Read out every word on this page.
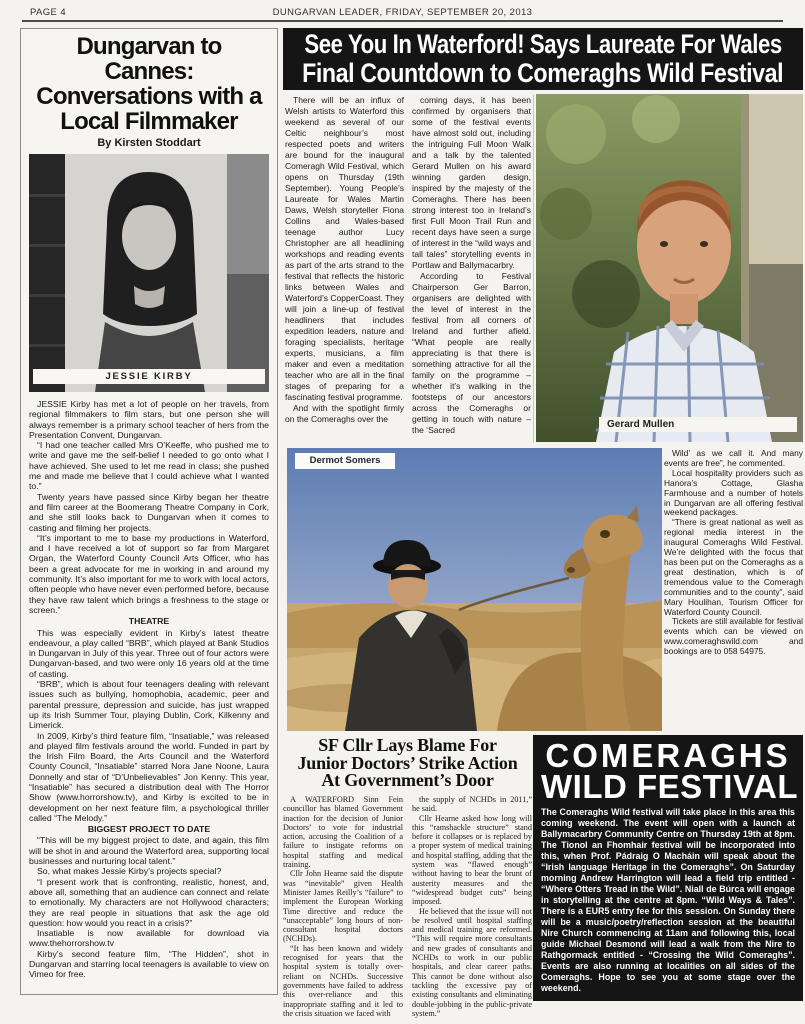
PAGE 4	DUNGARVAN LEADER, FRIDAY, SEPTEMBER 20, 2013
Dungarvan to Cannes:
Conversations with a
Local Filmmaker
By Kirsten Stoddart
JESSIE KIRBY

JESSIE Kirby has met a lot of people on her travels, from regional filmmakers to film stars, but one person she will always remember is a primary school teacher of hers from the Presentation Convent, Dungarvan.

“I had one teacher called Mrs O’Keeffe, who pushed me to write and gave me the self-belief I needed to go onto what I have achieved. She used to let me read in class; she pushed me and made me believe that I could achieve what I wanted to.”

Twenty years have passed since Kirby began her theatre and film career at the Boomerang Theatre Company in Cork, and she still looks back to Dungarvan when it comes to casting and filming her projects.

“It’s important to me to base my productions in Waterford, and I have received a lot of support so far from Margaret Organ, the Waterford County Council Arts Officer, who has been a great advocate for me in working in and around my community. It’s also important for me to work with local actors, often people who have never even performed before, because they have raw talent which brings a freshness to the stage or screen.”

THEATRE

This was especially evident in Kirby’s latest theatre endeavour, a play called “BRB”, which played at Bank Studios in Dungarvan in July of this year. Three out of four actors were Dungarvan-based, and two were only 16 years old at the time of casting.

“BRB”, which is about four teenagers dealing with relevant issues such as bullying, homophobia, academic, peer and parental pressure, depression and suicide, has just wrapped up its Irish Summer Tour, playing Dublin, Cork, Kilkenny and Limerick.

In 2009, Kirby’s third feature film, “Insatiable,” was released and played film festivals around the world. Funded in part by the Irish Film Board, the Arts Council and the Waterford County Council, “Insatiable” starred Nora Jane Noone, Laura Donnelly and star of “D’Unbelievables” Jon Kenny. This year, “Insatiable” has secured a distribution deal with The Horror Show (www.horrorshow.tv), and Kirby is excited to be in development on her next feature film, a psychological thriller called “The Melody.”

BIGGEST PROJECT TO DATE

“This will be my biggest project to date, and again, this film will be shot in and around the Waterford area, supporting local businesses and nurturing local talent.”

So, what makes Jessie Kirby’s projects special?

“I present work that is confronting, realistic, honest, and, above all, something that an audience can connect and relate to emotionally. My characters are not Hollywood characters; they are real people in situations that ask the age old question: how would you react in a crisis?”

Insatiable is now available for download via www.thehorrorshow.tv

Kirby’s second feature film, “The Hidden”, shot in Dungarvan and starring local teenagers is available to view on Vimeo for free.

See You In Waterford! Says Laureate For Wales
Final Countdown to Comeraghs Wild Festival

There will be an influx of Welsh artists to Waterford this weekend as several of our Celtic neighbour’s most respected poets and writers are bound for the inaugural Comeragh Wild Festival, which opens on Thursday (19th September). Young People’s Laureate for Wales Martin Daws, Welsh storyteller Fiona Collins and Wales-based teenage author Lucy Christopher are all headlining workshops and reading events as part of the arts strand to the festival that reflects the historic links between Wales and Waterford’s CopperCoast. They will join a line-up of festival headliners that includes expedition leaders, nature and foraging specialists, heritage experts, musicians, a film maker and even a meditation teacher who are all in the final stages of preparing for a fascinating festival programme.

And with the spotlight firmly on the Comeraghs over the

coming days, it has been confirmed by organisers that some of the festival events have almost sold out, including the intriguing Full Moon Walk and a talk by the talented Gerard Mullen on his award winning garden design, inspired by the majesty of the Comeraghs. There has been strong interest too in Ireland’s first Full Moon Trail Run and recent days have seen a surge of interest in the “wild ways and tall tales” storytelling events in Portlaw and Ballymacarbry.

According to Festival Chairperson Ger Barron, organisers are delighted with the level of interest in the festival from all corners of Ireland and further afield. “What people are really appreciating is that there is something attractive for all the family on the programme – whether it’s walking in the footsteps of our ancestors across the Comeraghs or getting in touch with nature – the ‘Sacred	Gerard Mullen
Dermot Somers

Wild’ as we call it. And many events are free”, he commented.

Local hospitality providers such as Hanora’s Cottage, Glasha Farmhouse and a number of hotels in Dungarvan are all offering festival weekend packages.

“There is great national as well as regional media interest in the inaugural Comeraghs Wild Festival. We’re delighted with the focus that has been put on the Comeraghs as a great destination, which is of tremendous value to the Comeragh communities and to the county”, said Mary Houlihan, Tourism Officer for Waterford County Council.

Tickets are still available for festival events which can be viewed on www.comeraghswild.com and bookings are to 058 54975.

SF Cllr Lays Blame For
Junior Doctors’ Strike Action
At Government’s Door

A WATERFORD Sinn Fein councillor has blamed Government inaction for the decision of Junior Doctors’ to vote for industrial action, accusing the Coalition of a failure to instigate reforms on hospital staffing and medical training.

Cllr John Hearne said the dispute was “inevitable” given Health Minister James Reilly’s “failure” to implement the European Working Time directive and reduce the “unacceptable” long hours of non-consultant hospital doctors (NCHDs).

“It has been known and widely recognised for years that the hospital system is totally over-reliant on NCHDs. Successive governments have failed to address this over-reliance and this inappropriate staffing and it led to the crisis situation we faced with

the supply of NCHDs in 2011,” he said.

Cllr Hearne asked how long will this “ramshackle structure” stand before it collapses or is replaced by a proper system of medical training and hospital staffing, adding that the system was “flawed enough” without having to bear the brunt of austerity measures and the “widespread budget cuts” being imposed.

He believed that the issue will not be resolved until hospital staffing and medical training are reformed. “This will require more consultants and new grades of consultants and NCHDs to work in our public hospitals, and clear career paths. This cannot be done without also tackling the excessive pay of existing consultants and eliminating double-jobbing in the public-private system.”

COMERAGHS
WILD FESTIVAL
The Comeraghs Wild festival will take place in this area this coming weekend. The event will open with a launch at Ballymacarbry Community Centre on Thursday 19th at 8pm. The Tionol an Fhomhair festival will be incorporated into this, when Prof. Pádraig O Macháin will speak about the “Irish language Heritage in the Comeraghs”. On Saturday morning Andrew Harrington will lead a field trip entitled - “Where Otters Tread in the Wild”. Niall de Búrca will engage in storytelling at the centre at 8pm. “Wild Ways & Tales”. There is a EUR5 entry fee for this session. On Sunday there will be a music/poetry/reflection session at the beautiful Nire Church commencing at 11am and following this, local guide Michael Desmond will lead a walk from the Nire to Rathgormack entitled - “Crossing the Wild Comeraghs”. Events are also running at localities on all sides of the Comeraghs. Hope to see you at some stage over the weekend.
